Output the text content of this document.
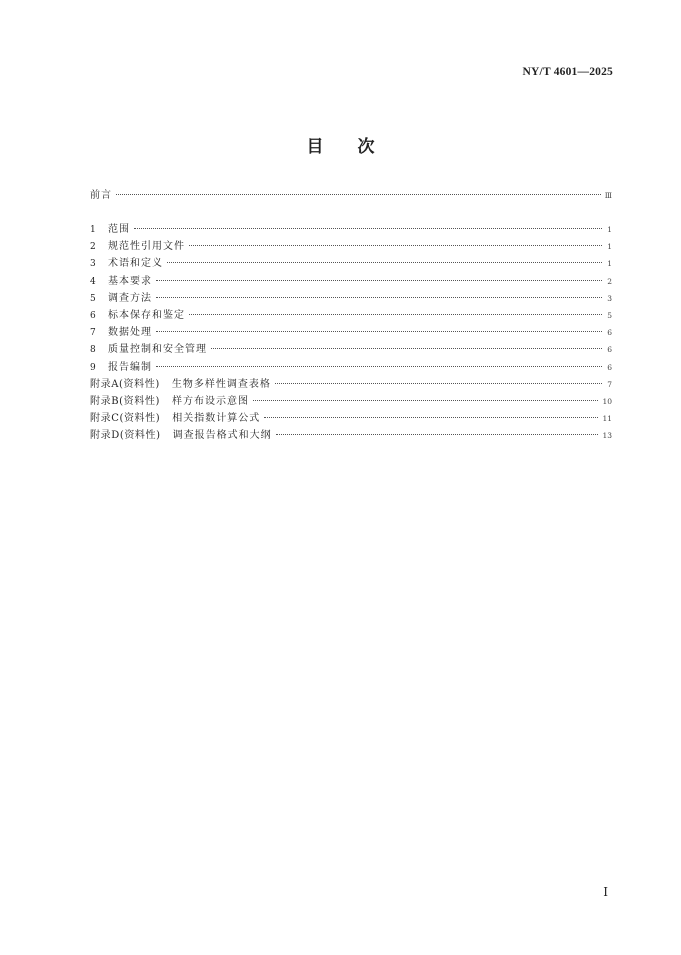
NY/T 4601—2025
目次
前言	Ⅲ
1	范围	1
2	规范性引用文件	1
3	术语和定义	1
4	基本要求	2
5	调查方法	3
6	标本保存和鉴定	5
7	数据处理	6
8	质量控制和安全管理	6
9	报告编制	6
附录A(资料性) 生物多样性调查表格	7
附录B(资料性) 样方布设示意图	10
附录C(资料性) 相关指数计算公式	11
附录D(资料性) 调查报告格式和大纲	13
Ⅰ
